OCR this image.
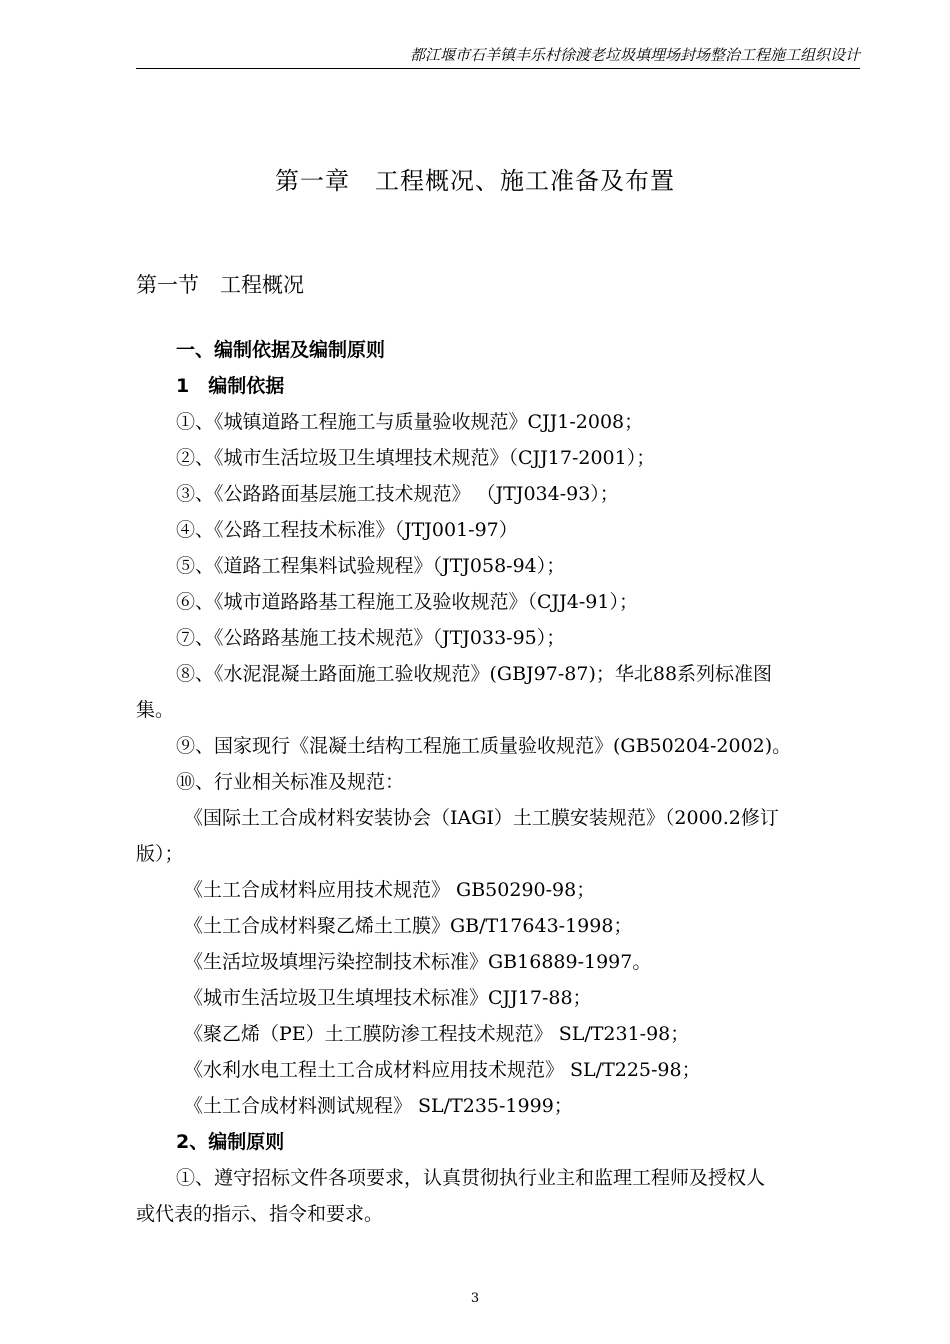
都江堰市石羊镇丰乐村徐渡老垃圾填埋场封场整治工程施工组织设计
第一章　工程概况、施工准备及布置
第一节　工程概况
一、编制依据及编制原则
1　编制依据
①、《城镇道路工程施工与质量验收规范》CJJ1-2008；
②、《城市生活垃圾卫生填埋技术规范》（CJJ17-2001）；
③、《公路路面基层施工技术规范》 （JTJ034-93）；
④、《公路工程技术标准》（JTJ001-97）
⑤、《道路工程集料试验规程》（JTJ058-94）；
⑥、《城市道路路基工程施工及验收规范》（CJJ4-91）；
⑦、《公路路基施工技术规范》（JTJ033-95）；
⑧、《水泥混凝土路面施工验收规范》(GBJ97-87)；华北88系列标准图
集。
⑨、国家现行《混凝土结构工程施工质量验收规范》(GB50204-2002)。
⑩、行业相关标准及规范：
《国际土工合成材料安装协会（IAGI）土工膜安装规范》（2000.2修订
版）；
《土工合成材料应用技术规范》 GB50290-98；
《土工合成材料聚乙烯土工膜》GB/T17643-1998；
《生活垃圾填埋污染控制技术标准》GB16889-1997。
《城市生活垃圾卫生填埋技术标准》CJJ17-88；
《聚乙烯（PE）土工膜防渗工程技术规范》 SL/T231-98；
《水利水电工程土工合成材料应用技术规范》 SL/T225-98；
《土工合成材料测试规程》 SL/T235-1999；
2、编制原则
①、遵守招标文件各项要求，认真贯彻执行业主和监理工程师及授权人
或代表的指示、指令和要求。
3
